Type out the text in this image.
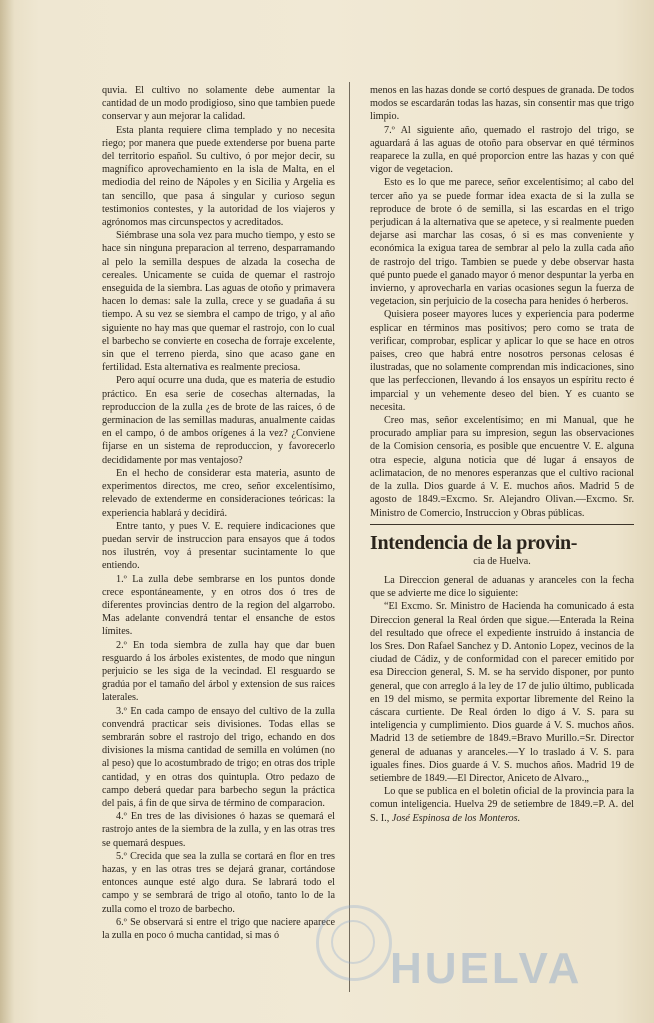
quvia. El cultivo no solamente debe aumentar la cantidad de un modo prodigioso, sino que tambien puede conservar y aun mejorar la calidad.

Esta planta requiere clima templado y no necesita riego; por manera que puede extenderse por buena parte del territorio español. Su cultivo, ó por mejor decir, su magnífico aprovechamiento en la isla de Malta, en el mediodia del reino de Nápoles y en Sicilia y Argelia es tan sencillo, que pasa á singular y curioso segun testimonios contestes, y la autoridad de los viajeros y agrónomos mas circunspectos y acreditados.

Siémbrase una sola vez para mucho tiempo, y esto se hace sin ninguna preparacion al terreno, desparramando al pelo la semilla despues de alzada la cosecha de cereales. Unicamente se cuida de quemar el rastrojo enseguida de la siembra. Las aguas de otoño y primavera hacen lo demas: sale la zulla, crece y se guadaña á su tiempo. A su vez se siembra el campo de trigo, y al año siguiente no hay mas que quemar el rastrojo, con lo cual el barbecho se convierte en cosecha de forraje excelente, sin que el terreno pierda, sino que acaso gane en fertilidad. Esta alternativa es realmente preciosa.

Pero aquí ocurre una duda, que es materia de estudio práctico. En esa serie de cosechas alternadas, la reproduccion de la zulla ¿es de brote de las raices, ó de germinacion de las semillas maduras, anualmente caidas en el campo, ó de ambos orígenes á la vez? ¿Conviene fijarse en un sistema de reproduccion, y favorecerlo decididamente por mas ventajoso?

En el hecho de considerar esta materia, asunto de experimentos directos, me creo, señor excelentísimo, relevado de extenderme en consideraciones teóricas: la experiencia hablará y decidirá.

Entre tanto, y pues V. E. requiere indicaciones que puedan servir de instruccion para ensayos que á todos nos ilustrén, voy á presentar sucintamente lo que entiendo.

1.º La zulla debe sembrarse en los puntos donde crece espontáneamente, y en otros dos ó tres de diferentes provincias dentro de la region del algarrobo. Mas adelante convendrá tentar el ensanche de estos límites.

2.º En toda siembra de zulla hay que dar buen resguardo á los árboles existentes, de modo que ningun perjuicio se les siga de la vecindad. El resguardo se gradúa por el tamaño del árbol y extension de sus raices laterales.

3.º En cada campo de ensayo del cultivo de la zulla convendrá practicar seis divisiones. Todas ellas se sembrarán sobre el rastrojo del trigo, echando en dos divisiones la misma cantidad de semilla en volúmen (no al peso) que lo acostumbrado de trigo; en otras dos triple cantidad, y en otras dos quintupla. Otro pedazo de campo deberá quedar para barbecho segun la práctica del pais, á fin de que sirva de término de comparacion.

4.º En tres de las divisiones ó hazas se quemará el rastrojo antes de la siembra de la zulla, y en las otras tres se quemará despues.

5.º Crecida que sea la zulla se cortará en flor en tres hazas, y en las otras tres se dejará granar, cortándose entonces aunque esté algo dura. Se labrará todo el campo y se sembrará de trigo al otoño, tanto lo de la zulla como el trozo de barbecho.

6.º Se observará si entre el trigo que naciere aparece la zulla en poco ó mucha cantidad, si mas ó

menos en las hazas donde se cortó despues de granada. De todos modos se escardarán todas las hazas, sin consentir mas que trigo limpio.

7.º Al siguiente año, quemado el rastrojo del trigo, se aguardará á las aguas de otoño para observar en qué términos reaparece la zulla, en qué proporcion entre las hazas y con qué vigor de vegetacion.

Esto es lo que me parece, señor excelentísimo; al cabo del tercer año ya se puede formar idea exacta de si la zulla se reproduce de brote ó de semilla, si las escardas en el trigo perjudican á la alternativa que se apetece, y si realmente pueden dejarse asi marchar las cosas, ó si es mas conveniente y económica la exigua tarea de sembrar al pelo la zulla cada año de rastrojo del trigo. Tambien se puede y debe observar hasta qué punto puede el ganado mayor ó menor despuntar la yerba en invierno, y aprovecharla en varias ocasiones segun la fuerza de vegetacion, sin perjuicio de la cosecha para henides ó herberos.

Quisiera poseer mayores luces y experiencia para poderme esplicar en términos mas positivos; pero como se trata de verificar, comprobar, esplicar y aplicar lo que se hace en otros paises, creo que habrá entre nosotros personas celosas é ilustradas, que no solamente comprendan mis indicaciones, sino que las perfeccionen, llevando á los ensayos un espíritu recto é imparcial y un vehemente deseo del bien. Y es cuanto se necesita.

Creo mas, señor excelentísimo; en mi Manual, que he procurado ampliar para su impresion, segun las observaciones de la Comision censoria, es posible que encuentre V. E. alguna otra especie, alguna noticia que dé lugar á ensayos de aclimatacion, de no menores esperanzas que el cultivo racional de la zulla. Dios guarde á V. E. muchos años. Madrid 5 de agosto de 1849.=Excmo. Sr. Alejandro Olivan.—Excmo. Sr. Ministro de Comercio, Instruccion y Obras públicas.

Intendencia de la provin-
cia de Huelva.

La Direccion general de aduanas y aranceles con la fecha que se advierte me dice lo siguiente:

“El Excmo. Sr. Ministro de Hacienda ha comunicado á esta Direccion general la Real órden que sigue.—Enterada la Reina del resultado que ofrece el expediente instruido á instancia de los Sres. Don Rafael Sanchez y D. Antonio Lopez, vecinos de la ciudad de Cádiz, y de conformidad con el parecer emitido por esa Direccion general, S. M. se ha servido disponer, por punto general, que con arreglo á la ley de 17 de julio último, publicada en 19 del mismo, se permita exportar libremente del Reino la cáscara curtiente. De Real órden lo digo á V. S. para su inteligencia y cumplimiento. Dios guarde á V. S. muchos años. Madrid 13 de setiembre de 1849.=Bravo Murillo.=Sr. Director general de aduanas y aranceles.—Y lo traslado á V. S. para iguales fines. Dios guarde á V. S. muchos años. Madrid 19 de setiembre de 1849.—El Director, Aniceto de Alvaro.„

Lo que se publica en el boletin oficial de la provincia para la comun inteligencia. Huelva 29 de setiembre de 1849.=P. A. del S. I., José Espinosa de los Monteros.

HUELVA
